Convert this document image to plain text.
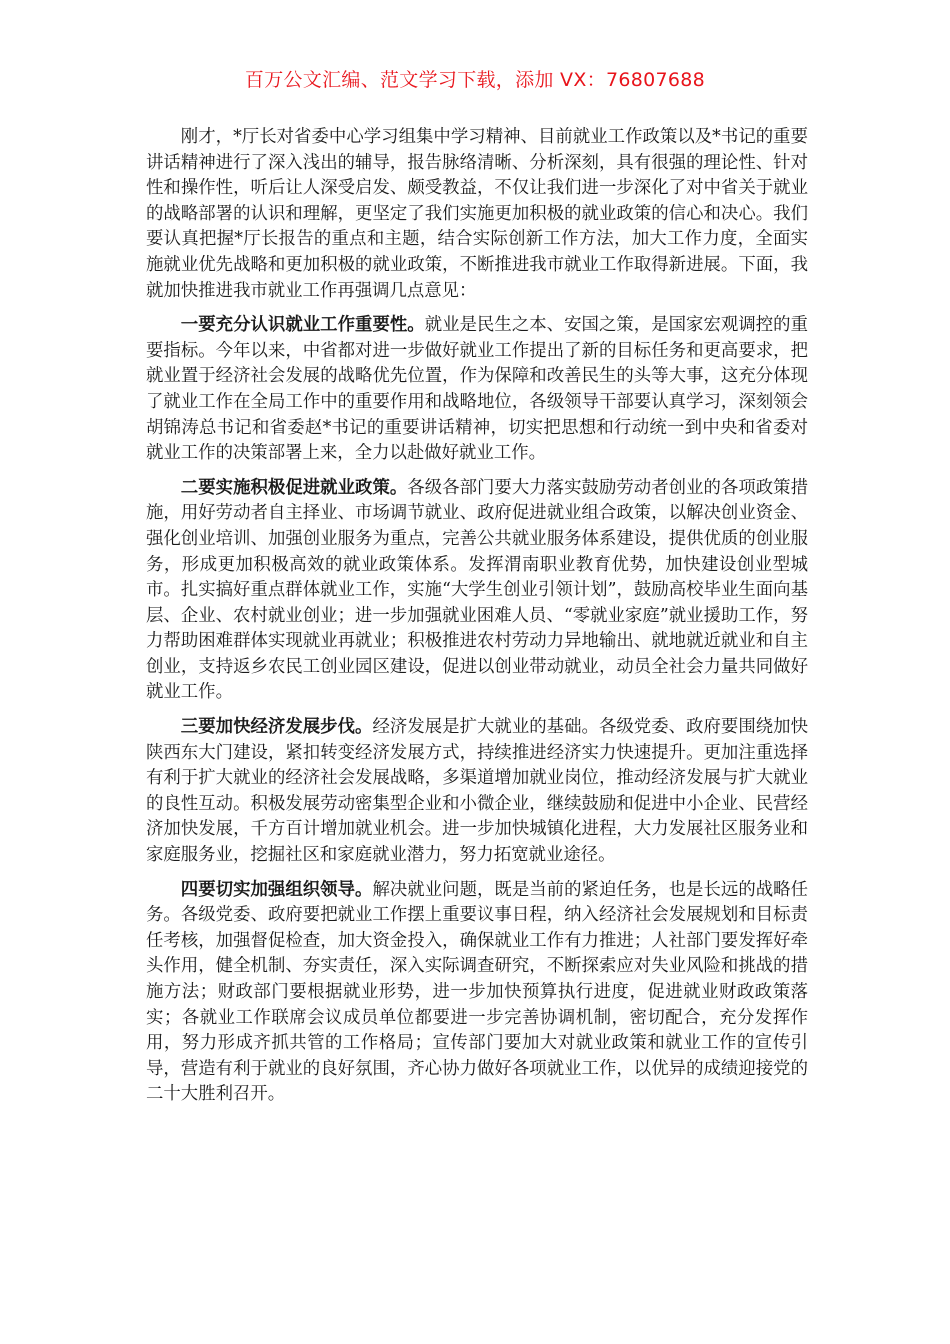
百万公文汇编、范文学习下载，添加 VX：76807688

刚才，*厅长对省委中心学习组集中学习精神、目前就业工作政策以及*书记的重要讲话精神进行了深入浅出的辅导，报告脉络清晰、分析深刻，具有很强的理论性、针对性和操作性，听后让人深受启发、颇受教益，不仅让我们进一步深化了对中省关于就业的战略部署的认识和理解，更坚定了我们实施更加积极的就业政策的信心和决心。我们要认真把握*厅长报告的重点和主题，结合实际创新工作方法，加大工作力度，全面实施就业优先战略和更加积极的就业政策，不断推进我市就业工作取得新进展。下面，我就加快推进我市就业工作再强调几点意见：

一要充分认识就业工作重要性。就业是民生之本、安国之策，是国家宏观调控的重要指标。今年以来，中省都对进一步做好就业工作提出了新的目标任务和更高要求，把就业置于经济社会发展的战略优先位置，作为保障和改善民生的头等大事，这充分体现了就业工作在全局工作中的重要作用和战略地位，各级领导干部要认真学习，深刻领会胡锦涛总书记和省委赵*书记的重要讲话精神，切实把思想和行动统一到中央和省委对就业工作的决策部署上来，全力以赴做好就业工作。

二要实施积极促进就业政策。各级各部门要大力落实鼓励劳动者创业的各项政策措施，用好劳动者自主择业、市场调节就业、政府促进就业组合政策，以解决创业资金、强化创业培训、加强创业服务为重点，完善公共就业服务体系建设，提供优质的创业服务，形成更加积极高效的就业政策体系。发挥渭南职业教育优势，加快建设创业型城市。扎实搞好重点群体就业工作，实施“大学生创业引领计划”，鼓励高校毕业生面向基层、企业、农村就业创业；进一步加强就业困难人员、“零就业家庭”就业援助工作，努力帮助困难群体实现就业再就业；积极推进农村劳动力异地输出、就地就近就业和自主创业，支持返乡农民工创业园区建设，促进以创业带动就业，动员全社会力量共同做好就业工作。

三要加快经济发展步伐。经济发展是扩大就业的基础。各级党委、政府要围绕加快陕西东大门建设，紧扣转变经济发展方式，持续推进经济实力快速提升。更加注重选择有利于扩大就业的经济社会发展战略，多渠道增加就业岗位，推动经济发展与扩大就业的良性互动。积极发展劳动密集型企业和小微企业，继续鼓励和促进中小企业、民营经济加快发展，千方百计增加就业机会。进一步加快城镇化进程，大力发展社区服务业和家庭服务业，挖掘社区和家庭就业潜力，努力拓宽就业途径。

四要切实加强组织领导。解决就业问题，既是当前的紧迫任务，也是长远的战略任务。各级党委、政府要把就业工作摆上重要议事日程，纳入经济社会发展规划和目标责任考核，加强督促检查，加大资金投入，确保就业工作有力推进；人社部门要发挥好牵头作用，健全机制、夯实责任，深入实际调查研究，不断探索应对失业风险和挑战的措施方法；财政部门要根据就业形势，进一步加快预算执行进度，促进就业财政政策落实；各就业工作联席会议成员单位都要进一步完善协调机制，密切配合，充分发挥作用，努力形成齐抓共管的工作格局；宣传部门要加大对就业政策和就业工作的宣传引导，营造有利于就业的良好氛围，齐心协力做好各项就业工作，以优异的成绩迎接党的二十大胜利召开。
